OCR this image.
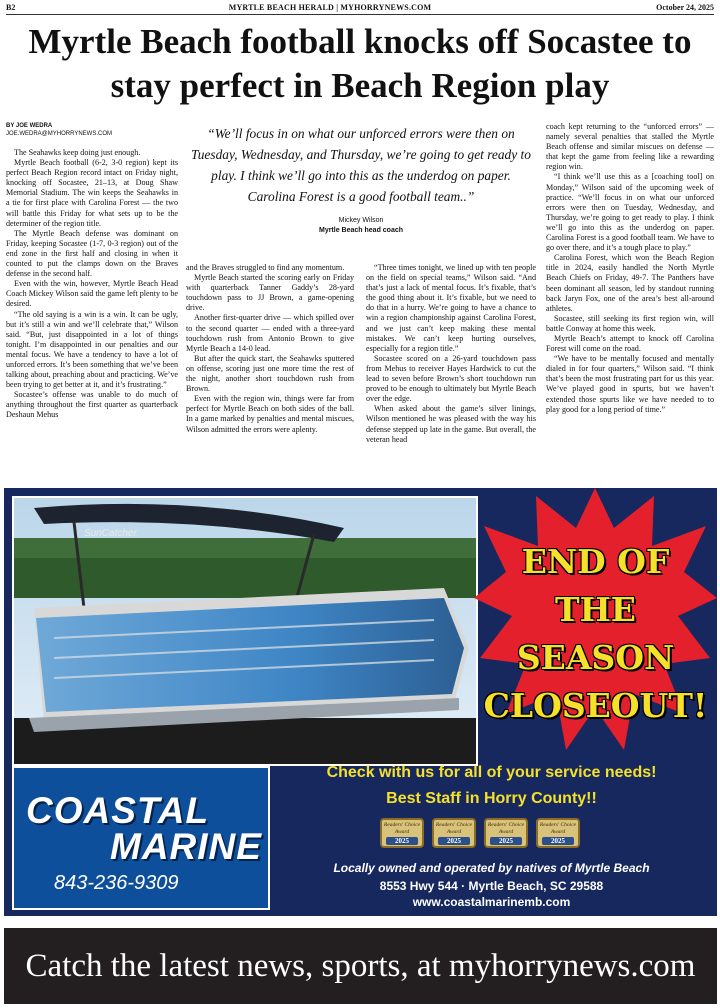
B2	MYRTLE BEACH HERALD | MYHORRYNEWS.COM	October 24, 2025
Myrtle Beach football knocks off Socastee to stay perfect in Beach Region play
BY JOE WEDRA
JOE.WEDRA@MYHORRYNEWS.COM

The Seahawks keep doing just enough.

Myrtle Beach football (6-2, 3-0 region) kept its perfect Beach Region record intact on Friday night, knocking off Socastee, 21–13, at Doug Shaw Memorial Stadium. The win keeps the Seahawks in a tie for first place with Carolina Forest — the two will battle this Friday for what sets up to be the determiner of the region title.

The Myrtle Beach defense was dominant on Friday, keeping Socastee (1-7, 0-3 region) out of the end zone in the first half and closing in when it counted to put the clamps down on the Braves defense in the second half.

Even with the win, however, Myrtle Beach Head Coach Mickey Wilson said the game left plenty to be desired.

“The old saying is a win is a win. It can be ugly, but it’s still a win and we’ll celebrate that,” Wilson said. “But, just disappointed in a lot of things tonight. I’m disappointed in our penalties and our mental focus. We have a tendency to have a lot of unforced errors. It’s been something that we’ve been talking about, preaching about and practicing. We’ve been trying to get better at it, and it’s frustrating.”

Socastee’s offense was unable to do much of anything throughout the first quarter as quarterback Deshaun Mehus

“We’ll focus in on what our unforced errors were then on Tuesday, Wednesday, and Thursday, we’re going to get ready to play. I think we’ll go into this as the underdog on paper. Carolina Forest is a good football team..”
Mickey Wilson
Myrtle Beach head coach

and the Braves struggled to find any momentum.

Myrtle Beach started the scoring early on Friday with quarterback Tanner Gaddy’s 28-yard touchdown pass to JJ Brown, a game-opening drive.

Another first-quarter drive — which spilled over to the second quarter — ended with a three-yard touchdown rush from Antonio Brown to give Myrtle Beach a 14-0 lead.

But after the quick start, the Seahawks sputtered on offense, scoring just one more time the rest of the night, another short touchdown rush from Brown.

Even with the region win, things were far from perfect for Myrtle Beach on both sides of the ball. In a game marked by penalties and mental miscues, Wilson admitted the errors were aplenty.

“Three times tonight, we lined up with ten people on the field on special teams,” Wilson said. “And that’s just a lack of mental focus. It’s fixable, that’s the good thing about it. It’s fixable, but we need to do that in a hurry. We’re going to have a chance to win a region championship against Carolina Forest, and we just can’t keep making these mental mistakes. We can’t keep hurting ourselves, especially for a region title.”

Socastee scored on a 26-yard touchdown pass from Mehus to receiver Hayes Hardwick to cut the lead to seven before Brown’s short touchdown run proved to be enough to ultimately but Myrtle Beach over the edge.

When asked about the game’s silver linings, Wilson mentioned he was pleased with the way his defense stepped up late in the game. But overall, the veteran head

coach kept returning to the “unforced errors” — namely several penalties that stalled the Myrtle Beach offense and similar miscues on defense — that kept the game from feeling like a rewarding region win.

“I think we’ll use this as a [coaching tool] on Monday,” Wilson said of the upcoming week of practice. “We’ll focus in on what our unforced errors were then on Tuesday, Wednesday, and Thursday, we’re going to get ready to play. I think we’ll go into this as the underdog on paper. Carolina Forest is a good football team. We have to go over there, and it’s a tough place to play.”

Carolina Forest, which won the Beach Region title in 2024, easily handled the North Myrtle Beach Chiefs on Friday, 49-7. The Panthers have been dominant all season, led by standout running back Jaryn Fox, one of the area’s best all-around athletes.

Socastee, still seeking its first region win, will battle Conway at home this week.

Myrtle Beach’s attempt to knock off Carolina Forest will come on the road.

“We have to be mentally focused and mentally dialed in for four quarters,” Wilson said. “I think that’s been the most frustrating part for us this year. We’ve played good in spurts, but we haven’t extended those spurts like we have needed to to play good for a long period of time.”

SunCatcher
END OF
THE SEASON
CLOSEOUT!
COASTAL
MARINE
843-236-9309
Check with us for all of your service needs!
Best Staff in Horry County!!
Readers' Choice Award
2025
Readers' Choice Award
2025
Readers' Choice Award
2025
Readers' Choice Award
2025
Locally owned and operated by natives of Myrtle Beach
8553 Hwy 544 · Myrtle Beach, SC 29588
www.coastalmarinemb.com
Catch the latest news, sports, at myhorrynews.com
